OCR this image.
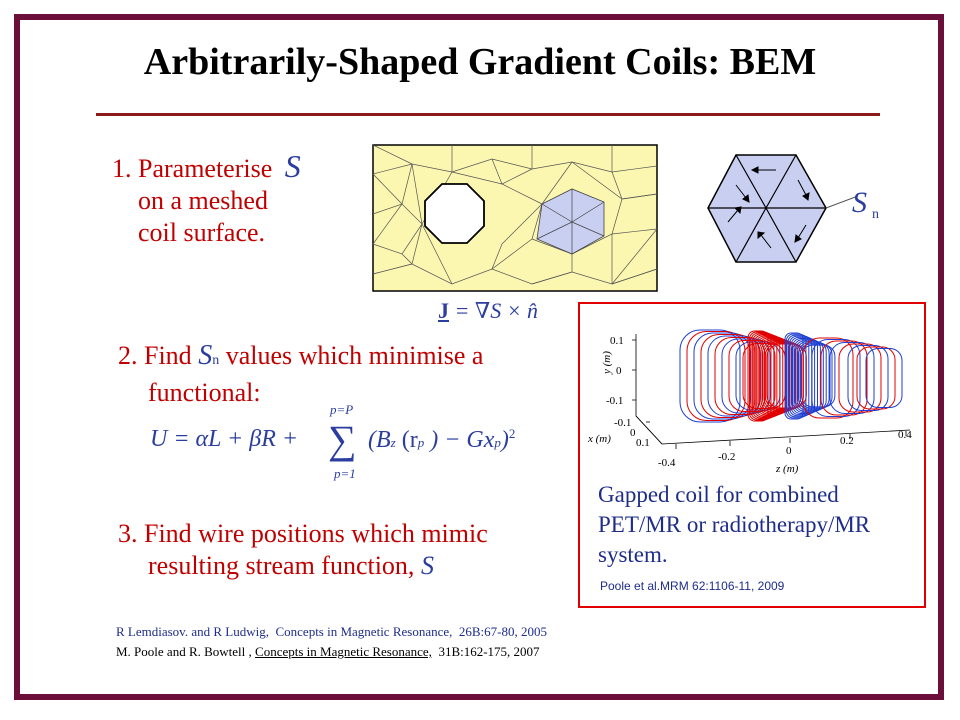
Arbitrarily-Shaped Gradient Coils: BEM
1. Parameterise S
on a meshed
coil surface.
S n
J = ∇S × n̂
2. Find Sn values which minimise a
functional:
U = αL + βR +
p=P
∑
p=1
(Bz (rp ) − Gxp)$^2$
3. Find wire positions which mimic
resulting stream function, S
R Lemdiasov. and R Ludwig, Concepts in Magnetic Resonance, 26B:67-80, 2005
M. Poole and R. Bowtell , Concepts in Magnetic Resonance, 31B:162-175, 2007
y (m)
0.1
0
-0.1
x (m)
-0.1
0
0.1
-0.4	-0.2	0
0.2	0.4
z (m)
Gapped coil for combined PET/MR or radiotherapy/MR system.
Poole et al.MRM 62:1106-11, 2009
